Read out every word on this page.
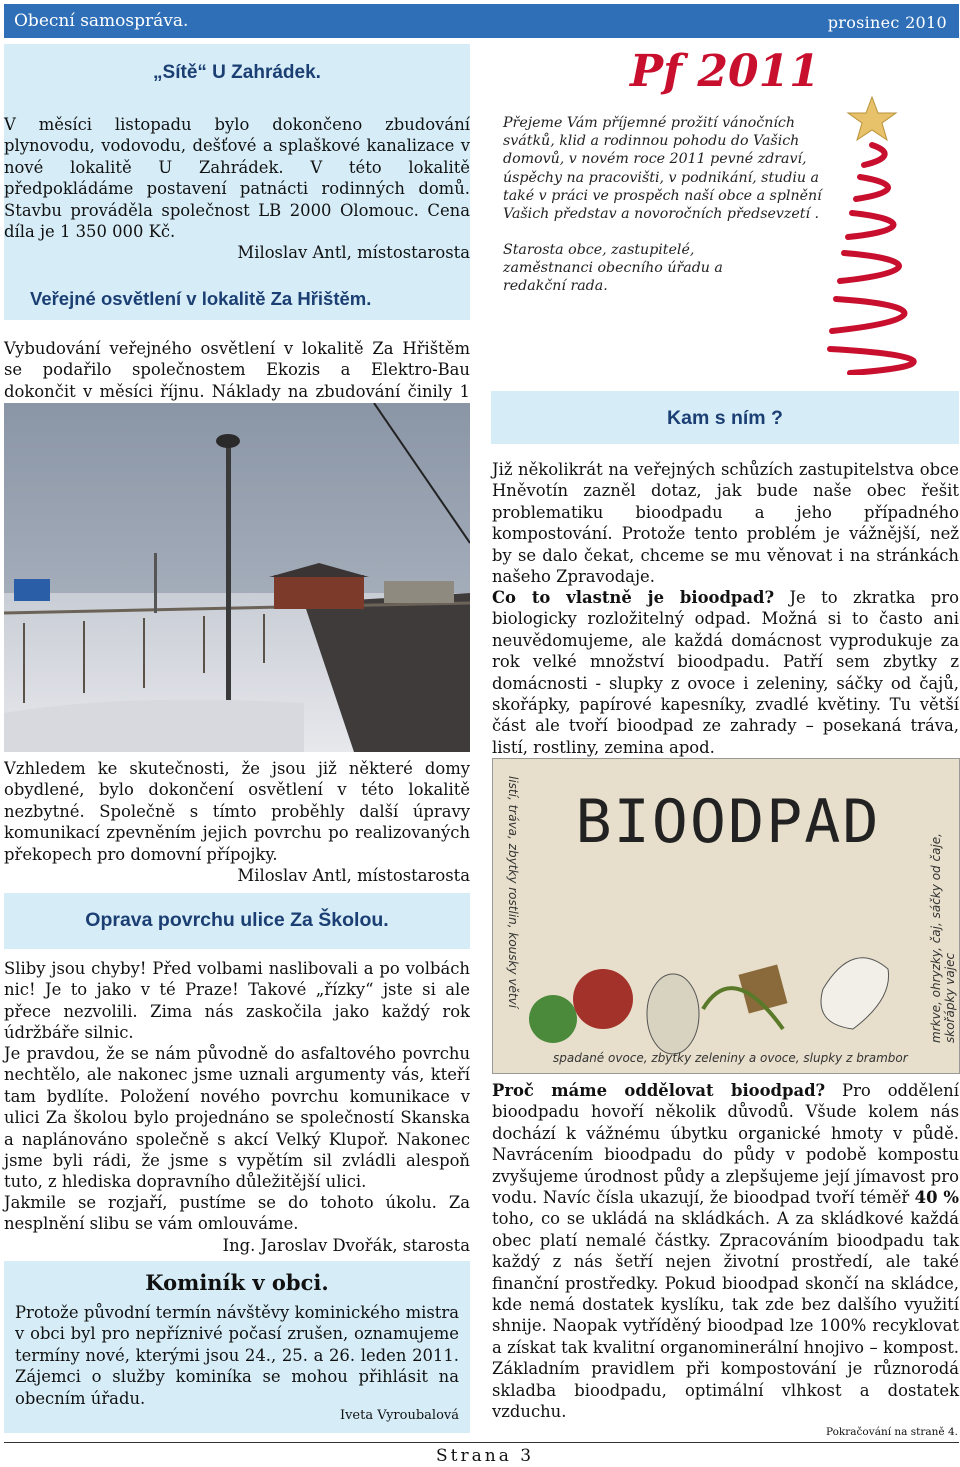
Obecní samospráva.	prosinec 2010
„Sítě“ U Zahrádek.
V měsíci listopadu bylo dokončeno zbudování plynovodu, vodovodu, dešťové a splaškové kanalizace v nové lokalitě U Zahrádek. V této lokalitě předpokládáme postavení patnácti rodinných domů. Stavbu prováděla společnost LB 2000 Olomouc. Cena díla je 1 350 000 Kč.
Miloslav Antl, místostarosta
Veřejné osvětlení v lokalitě Za Hřištěm.
Vybudování veřejného osvětlení v lokalitě Za Hřištěm se podařilo společnostem Ekozis a Elektro-Bau dokončit v měsíci říjnu. Náklady na zbudování činily 1
Vzhledem ke skutečnosti, že jsou již některé domy obydlené, bylo dokončení osvětlení v této lokalitě nezbytné. Společně s tímto proběhly další úpravy komunikací zpevněním jejich povrchu po realizovaných překopech pro domovní přípojky.
Miloslav Antl, místostarosta
Oprava povrchu ulice Za Školou.
Sliby jsou chyby! Před volbami naslibovali a po volbách nic! Je to jako v té Praze! Takové „řízky“ jste si ale přece nezvolili. Zima nás zaskočila jako každý rok údržbáře silnic.
Je pravdou, že se nám původně do asfaltového povrchu nechtělo, ale nakonec jsme uznali argumenty vás, kteří tam bydlíte. Položení nového povrchu komunikace v ulici Za školou bylo projednáno se společností Skanska a naplánováno společně s akcí Velký Klupoř. Nakonec jsme byli rádi, že jsme s vypětím sil zvládli alespoň tuto, z hlediska dopravního důležitější ulici.
Jakmile se rozjaří, pustíme se do tohoto úkolu. Za nesplnění slibu se vám omlouváme.
Ing. Jaroslav Dvořák, starosta
Kominík v obci.
Protože původní termín návštěvy kominického mistra v obci byl pro nepříznivé počasí zrušen, oznamujeme termíny nové, kterými jsou 24., 25. a 26. leden 2011. Zájemci o služby kominíka se mohou přihlásit na obecním úřadu.
Iveta Vyroubalová
Pf 2011
Přejeme Vám příjemné prožití vánočních svátků, klid a rodinnou pohodu do Vašich domovů, v novém roce 2011 pevné zdraví, úspěchy na pracovišti, v podnikání, studiu a také v práci ve prospěch naší obce a splnění Vašich představ a novoročních předsevzetí .
Starosta obce, zastupitelé, zaměstnanci obecního úřadu a redakční rada.
Kam s ním ?
Již několikrát na veřejných schůzích zastupitelstva obce Hněvotín zazněl dotaz, jak bude naše obec řešit problematiku bioodpadu a jeho případného kompostování. Protože tento problém je vážnější, než by se dalo čekat, chceme se mu věnovat i na stránkách našeho Zpravodaje.
Co to vlastně je bioodpad? Je to zkratka pro biologicky rozložitelný odpad. Možná si to často ani neuvědomujeme, ale každá domácnost vyprodukuje za rok velké množství bioodpadu. Patří sem zbytky z domácnosti - slupky z ovoce i zeleniny, sáčky od čajů, skořápky, papírové kapesníky, zvadlé květiny. Tu větší část ale tvoří bioodpad ze zahrady – posekaná tráva, listí, rostliny, zemina apod.
BIOODPAD
listí, tráva, zbytky rostlin, kousky větví	mrkve, ohryzky, čaj, sáčky od čaje, skořápky vajec
spadané ovoce, zbytky zeleniny a ovoce, slupky z brambor
Proč máme oddělovat bioodpad? Pro oddělení bioodpadu hovoří několik důvodů. Všude kolem nás dochází k vážnému úbytku organické hmoty v půdě. Navrácením bioodpadu do půdy v podobě kompostu zvyšujeme úrodnost půdy a zlepšujeme její jímavost pro vodu. Navíc čísla ukazují, že bioodpad tvoří téměř 40 % toho, co se ukládá na skládkách. A za skládkové každá obec platí nemalé částky. Zpracováním bioodpadu tak každý z nás šetří nejen životní prostředí, ale také finanční prostředky. Pokud bioodpad skončí na skládce, kde nemá dostatek kyslíku, tak zde bez dalšího využití shnije. Naopak vytříděný bioodpad lze 100% recyklovat a získat tak kvalitní organominerální hnojivo – kompost. Základním pravidlem při kompostování je různorodá skladba bioodpadu, optimální vlhkost a dostatek vzduchu.
Pokračování na straně 4.
Strana 3
